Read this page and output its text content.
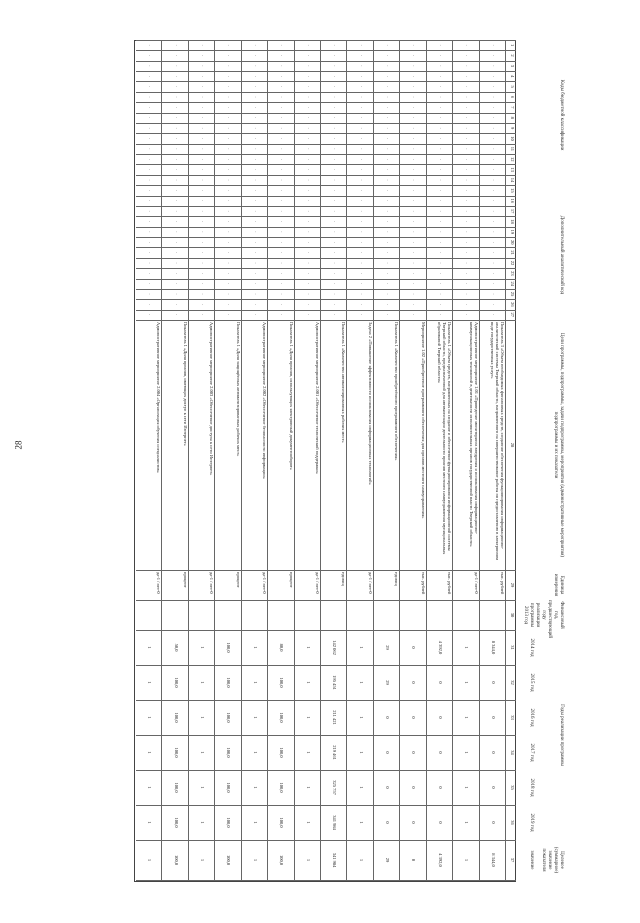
28
Коды бюджетной классификации
Дополнительный аналитический код
Цели программы, подпрограммы, задачи подпрограммы, мероприятия (административные мероприятия) подпрограммы и их показатели
Единица измерения
Финансовый год, предшествующий году реализации программы 2013 год
Годы реализации программы
Целевое (суммарное) значение показателя
значение
2014 год
2015 год
2016 год
2017 год
2018 год
2019 год
1
2
3
4
5
6
7
8
9
10
11
12
13
14
15
16
17
18
19
20
21
22
23
24
25
26
27
28
29
30
31
32
33
34
35
36
37
·
·
·
·
·
·
·
·
·
·
·
·
·
·
·
·
·
·
·
·
·
·
·
·
·
·
·
Показатель 3 «Объем необходимых финансовых средств, созданное обеспечения функционирования информационно-аналитической системы Тверской области, направленного на совершенствование работы по предоставлению в электронном виде государственных услуг»
тыс. рублей
8 344,0
0
0
0
0
0
8 344,0
·
·
·
·
·
·
·
·
·
·
·
·
·
·
·
·
·
·
·
·
·
·
·
·
·
·
·
Административное мероприятие 1.01 «Проведение мониторинга внедрения и использования информационно-коммуникационных технологий в деятельности исполнительных органов государственной власти Тверской области»
да-1 / нет-0
1
1
1
1
1
1
1
·
·
·
·
·
·
·
·
·
·
·
·
·
·
·
·
·
·
·
·
·
·
·
·
·
·
·
Показатель 1 «Объем средств, направленных на создание и обеспечение функционирования информационной системы Тверской области, предназначенной для автоматизации деятельности органов местного самоуправления муниципальных образований Тверской области»
тыс. рублей
4 392,0
0
0
0
0
0
4 392,0
·
·
·
·
·
·
·
·
·
·
·
·
·
·
·
·
·
·
·
·
·
·
·
·
·
·
·
Мероприятие 1.02 «Приобретение программного обеспечения для органов местного самоуправления»
тыс. рублей
0
0
0
0
0
0
0
·
·
·
·
·
·
·
·
·
·
·
·
·
·
·
·
·
·
·
·
·
·
·
·
·
·
·
Показатель 1 «Количество приобретённого программного обеспечения»
единиц
29
29
0
0
0
0
29
·
·
·
·
·
·
·
·
·
·
·
·
·
·
·
·
·
·
·
·
·
·
·
·
·
·
·
Задача 2 «Повышение эффективности использования информационных технологий»
да-1 / нет-0
1
1
1
1
1
1
1
·
·
·
·
·
·
·
·
·
·
·
·
·
·
·
·
·
·
·
·
·
·
·
·
·
·
·
Показатель 1 «Количество автоматизированных рабочих мест»
единиц
142 062
195 451
211 421
219 461
325 757
341 984
341 984
·
·
·
·
·
·
·
·
·
·
·
·
·
·
·
·
·
·
·
·
·
·
·
·
·
·
·
Административное мероприятие 2.001 «Обеспечение технической поддержки»
да-1 / нет-0
1
1
1
1
1
1
1
·
·
·
·
·
·
·
·
·
·
·
·
·
·
·
·
·
·
·
·
·
·
·
·
·
·
·
Показатель 1 «Доля органов, использующих электронный документооборот»
процент
80,0
100,0
100,0
100,0
100,0
100,0
100,0
·
·
·
·
·
·
·
·
·
·
·
·
·
·
·
·
·
·
·
·
·
·
·
·
·
·
·
Административное мероприятие 2.002 «Обеспечение безопасности информации»
да-1 / нет-0
1
1
1
1
1
1
1
·
·
·
·
·
·
·
·
·
·
·
·
·
·
·
·
·
·
·
·
·
·
·
·
·
·
·
Показатель 1 «Доля защищённых автоматизированных рабочих мест»
процент
100,0
100,0
100,0
100,0
100,0
100,0
100,0
·
·
·
·
·
·
·
·
·
·
·
·
·
·
·
·
·
·
·
·
·
·
·
·
·
·
·
Административное мероприятие 2.003 «Обеспечение доступа к сети Интернет»
да-1 / нет-0
1
1
1
1
1
1
1
·
·
·
·
·
·
·
·
·
·
·
·
·
·
·
·
·
·
·
·
·
·
·
·
·
·
·
Показатель 1 «Доля органов, имеющих доступ к сети Интернет»
процент
50,0
100,0
100,0
100,0
100,0
100,0
100,0
·
·
·
·
·
·
·
·
·
·
·
·
·
·
·
·
·
·
·
·
·
·
·
·
·
·
·
Административное мероприятие 2.004 «Организация обучения специалистов»
да-1 / нет-0
1
1
1
1
1
1
1
